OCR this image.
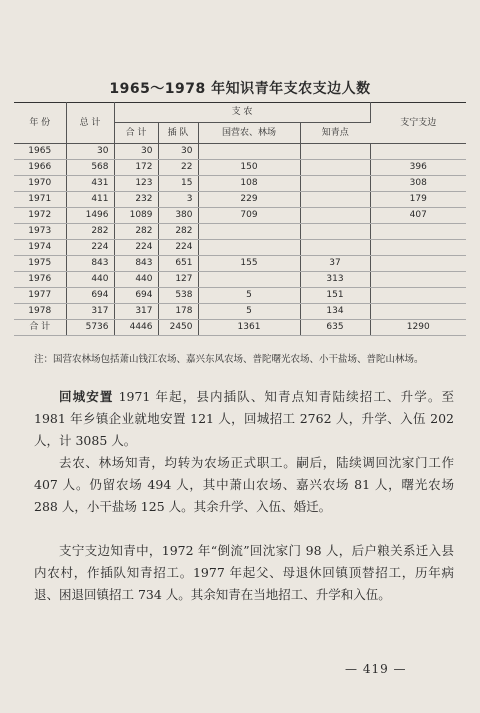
1965～1978 年知识青年支农支边人数
年 份	总 计	支 农				支宁支边
		合 计	插 队	国营农、林场	知青点	
1965	30	30	30			
1966	568	172	22	150		396
1970	431	123	15	108		308
1971	411	232	3	229		179
1972	1496	1089	380	709		407
1973	282	282	282			
1974	224	224	224			
1975	843	843	651	155	37	
1976	440	440	127		313	
1977	694	694	538	5	151	
1978	317	317	178	5	134	
合 计	5736	4446	2450	1361	635	1290
注：国营农林场包括萧山钱江农场、嘉兴东风农场、普陀曙光农场、小干盐场、普陀山林场。
回城安置 1971 年起，县内插队、知青点知青陆续招工、升学。至 1981 年乡镇企业就地安置 121 人，回城招工 2762 人，升学、入伍 202 人，计 3085 人。
去农、林场知青，均转为农场正式职工。嗣后，陆续调回沈家门工作 407 人。仍留农场 494 人，其中萧山农场、嘉兴农场 81 人，曙光农场 288 人，小干盐场 125 人。其余升学、入伍、婚迁。
支宁支边知青中，1972 年“倒流”回沈家门 98 人，后户粮关系迁入县内农村，作插队知青招工。1977 年起父、母退休回镇顶替招工，历年病退、困退回镇招工 734 人。其余知青在当地招工、升学和入伍。
— 419 —
